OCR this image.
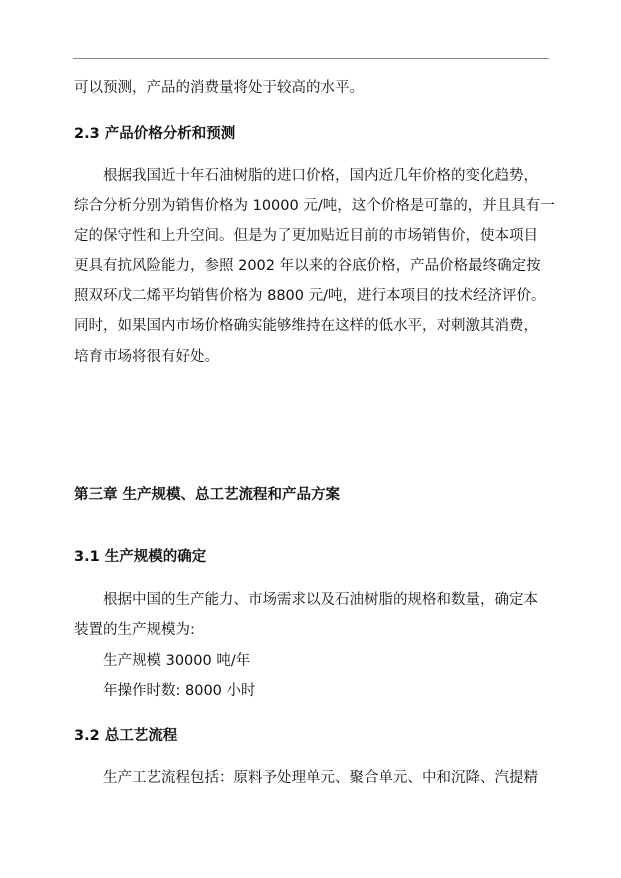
可以预测，产品的消费量将处于较高的水平。
2.3 产品价格分析和预测
根据我国近十年石油树脂的进口价格，国内近几年价格的变化趋势，
综合分析分别为销售价格为 10000 元/吨，这个价格是可靠的，并且具有一
定的保守性和上升空间。但是为了更加贴近目前的市场销售价，使本项目
更具有抗风险能力，参照 2002 年以来的谷底价格，产品价格最终确定按
照双环戊二烯平均销售价格为 8800 元/吨，进行本项目的技术经济评价。
同时，如果国内市场价格确实能够维持在这样的低水平，对刺激其消费，
培育市场将很有好处。
第三章 生产规模、总工艺流程和产品方案
3.1 生产规模的确定
根据中国的生产能力、市场需求以及石油树脂的规格和数量，确定本
装置的生产规模为:
生产规模 30000 吨/年
年操作时数: 8000 小时
3.2 总工艺流程
生产工艺流程包括：原料予处理单元、聚合单元、中和沉降、汽提精
